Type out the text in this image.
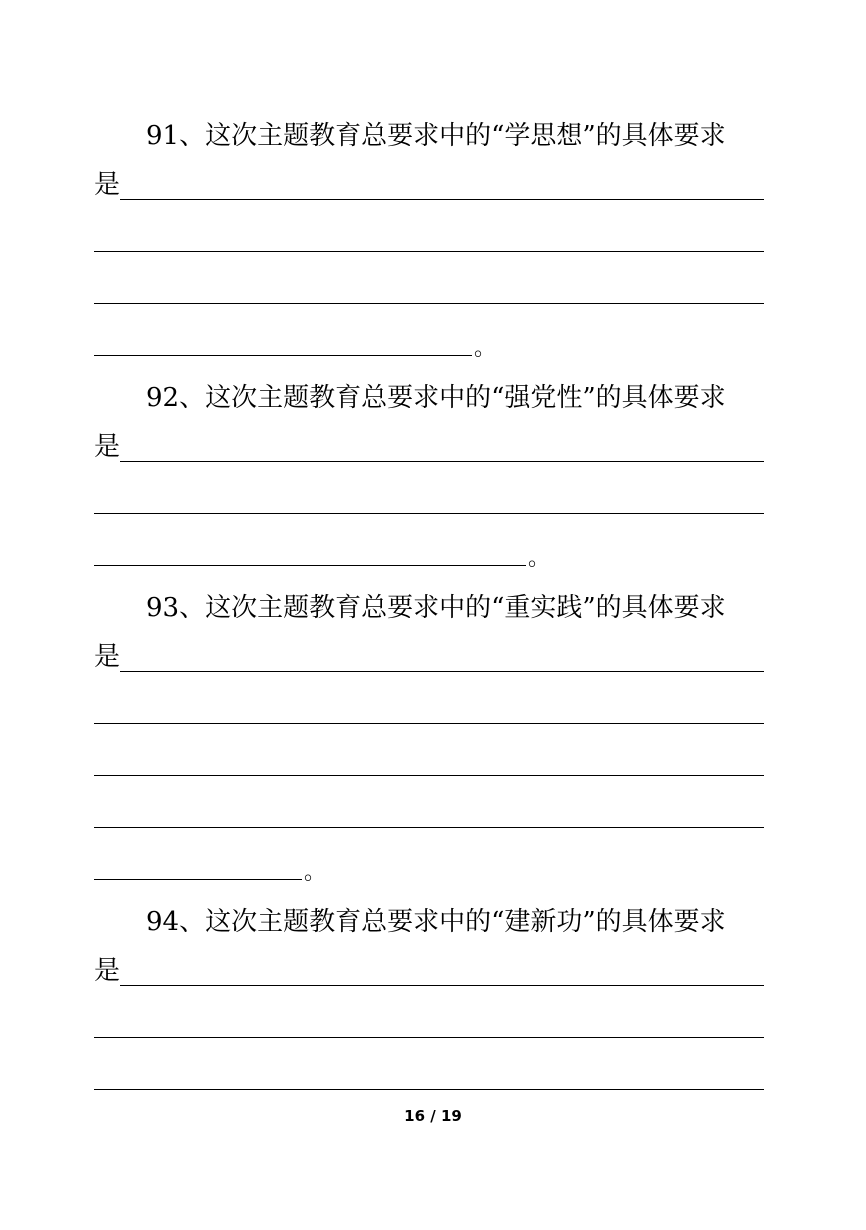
91、这次主题教育总要求中的“学思想”的具体要求
是
。
92、这次主题教育总要求中的“强党性”的具体要求
是
。
93、这次主题教育总要求中的“重实践”的具体要求
是
。
94、这次主题教育总要求中的“建新功”的具体要求
是
16 / 19
